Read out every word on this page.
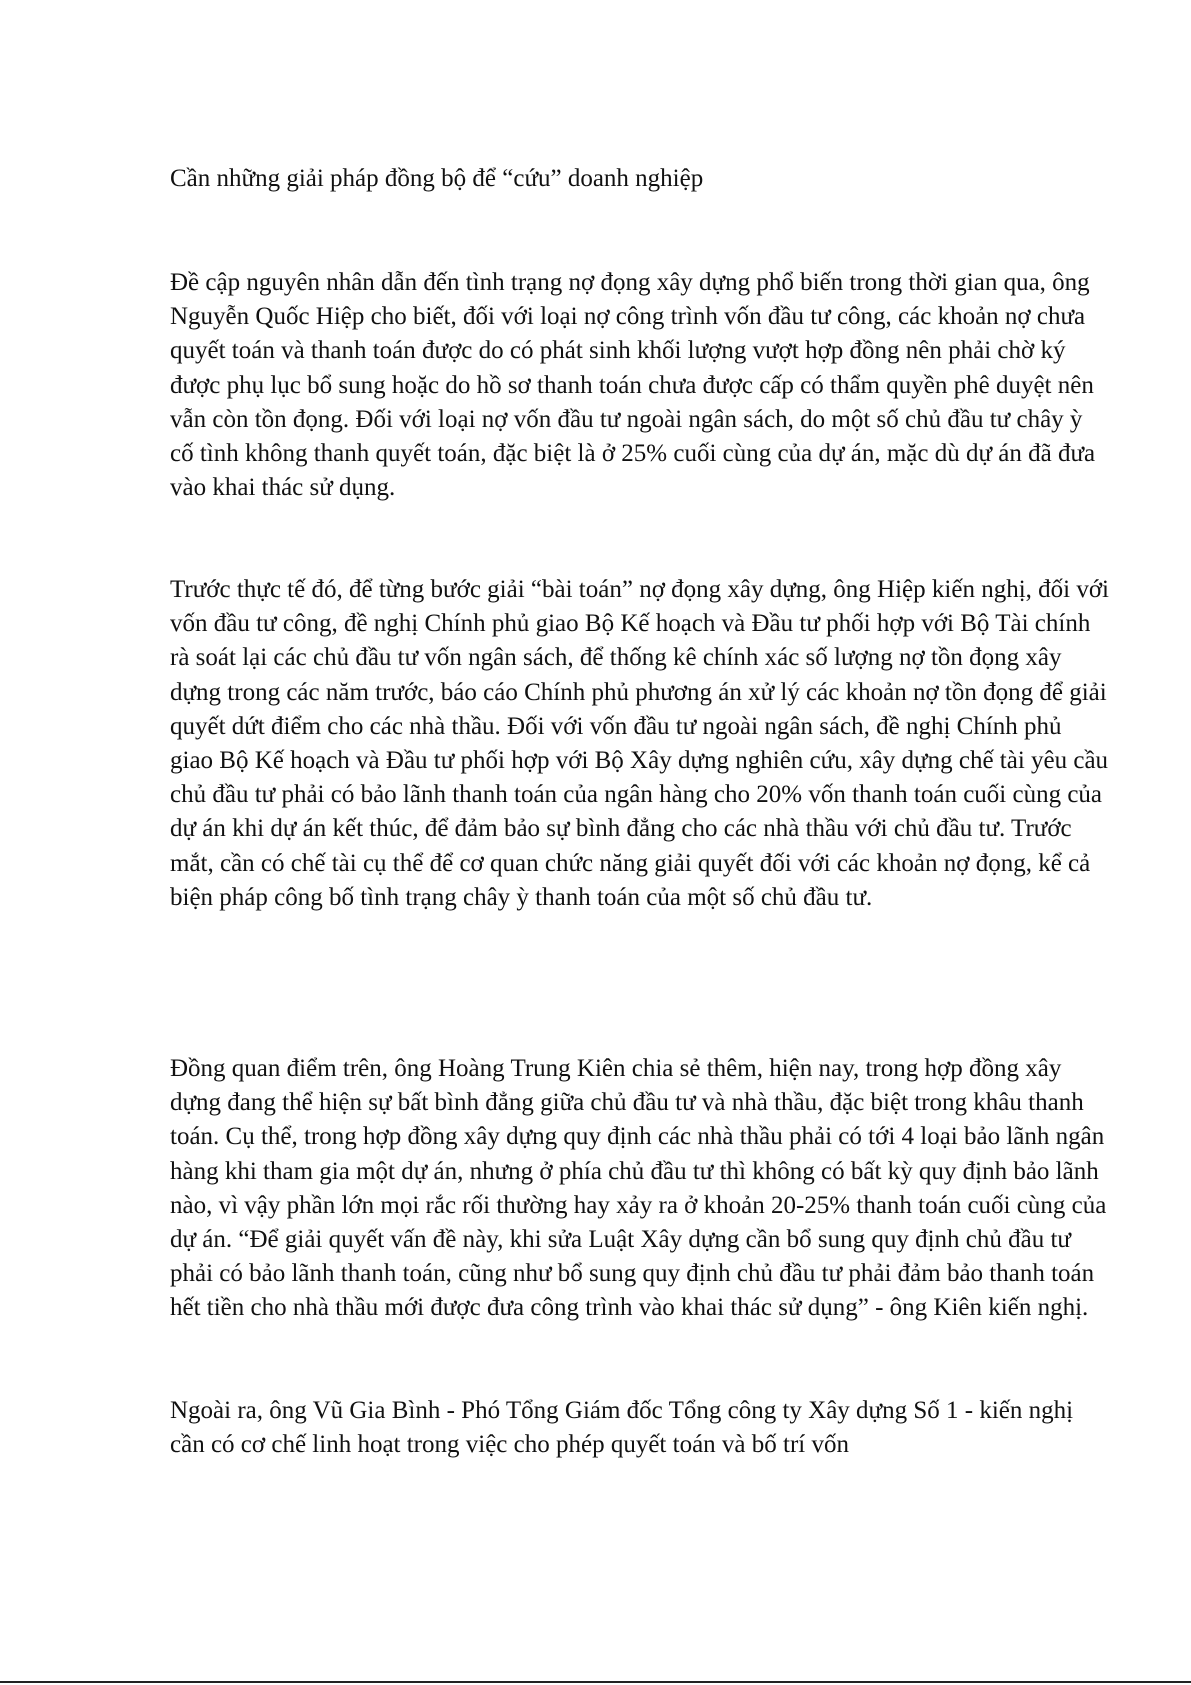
Cần những giải pháp đồng bộ để “cứu” doanh nghiệp

Đề cập nguyên nhân dẫn đến tình trạng nợ đọng xây dựng phổ biến trong thời gian qua, ông Nguyễn Quốc Hiệp cho biết, đối với loại nợ công trình vốn đầu tư công, các khoản nợ chưa quyết toán và thanh toán được do có phát sinh khối lượng vượt hợp đồng nên phải chờ ký được phụ lục bổ sung hoặc do hồ sơ thanh toán chưa được cấp có thẩm quyền phê duyệt nên vẫn còn tồn đọng. Đối với loại nợ vốn đầu tư ngoài ngân sách, do một số chủ đầu tư chây ỳ cố tình không thanh quyết toán, đặc biệt là ở 25% cuối cùng của dự án, mặc dù dự án đã đưa vào khai thác sử dụng.

Trước thực tế đó, để từng bước giải “bài toán” nợ đọng xây dựng, ông Hiệp kiến nghị, đối với vốn đầu tư công, đề nghị Chính phủ giao Bộ Kế hoạch và Đầu tư phối hợp với Bộ Tài chính rà soát lại các chủ đầu tư vốn ngân sách, để thống kê chính xác số lượng nợ tồn đọng xây dựng trong các năm trước, báo cáo Chính phủ phương án xử lý các khoản nợ tồn đọng để giải quyết dứt điểm cho các nhà thầu. Đối với vốn đầu tư ngoài ngân sách, đề nghị Chính phủ giao Bộ Kế hoạch và Đầu tư phối hợp với Bộ Xây dựng nghiên cứu, xây dựng chế tài yêu cầu chủ đầu tư phải có bảo lãnh thanh toán của ngân hàng cho 20% vốn thanh toán cuối cùng của dự án khi dự án kết thúc, để đảm bảo sự bình đẳng cho các nhà thầu với chủ đầu tư. Trước mắt, cần có chế tài cụ thể để cơ quan chức năng giải quyết đối với các khoản nợ đọng, kể cả biện pháp công bố tình trạng chây ỳ thanh toán của một số chủ đầu tư.

Đồng quan điểm trên, ông Hoàng Trung Kiên chia sẻ thêm, hiện nay, trong hợp đồng xây dựng đang thể hiện sự bất bình đẳng giữa chủ đầu tư và nhà thầu, đặc biệt trong khâu thanh toán. Cụ thể, trong hợp đồng xây dựng quy định các nhà thầu phải có tới 4 loại bảo lãnh ngân hàng khi tham gia một dự án, nhưng ở phía chủ đầu tư thì không có bất kỳ quy định bảo lãnh nào, vì vậy phần lớn mọi rắc rối thường hay xảy ra ở khoản 20-25% thanh toán cuối cùng của dự án. “Để giải quyết vấn đề này, khi sửa Luật Xây dựng cần bổ sung quy định chủ đầu tư phải có bảo lãnh thanh toán, cũng như bổ sung quy định chủ đầu tư phải đảm bảo thanh toán hết tiền cho nhà thầu mới được đưa công trình vào khai thác sử dụng” - ông Kiên kiến nghị.

Ngoài ra, ông Vũ Gia Bình - Phó Tổng Giám đốc Tổng công ty Xây dựng Số 1 - kiến nghị cần có cơ chế linh hoạt trong việc cho phép quyết toán và bố trí vốn
